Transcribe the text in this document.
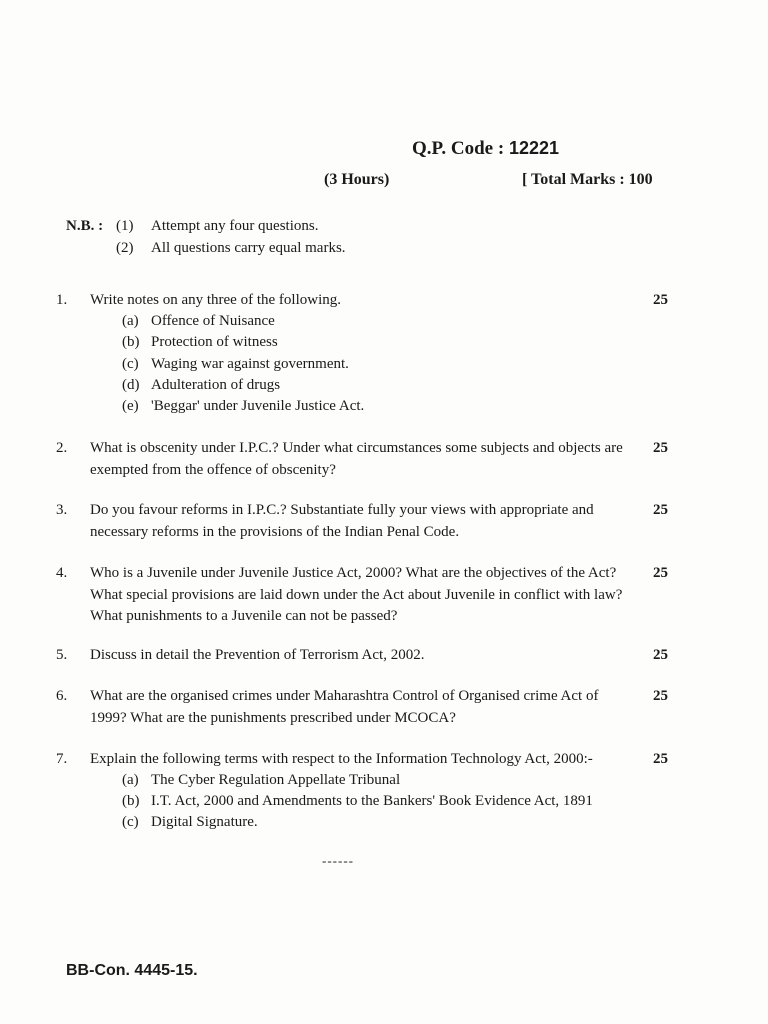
Q.P. Code : 12221
(3 Hours)	[ Total Marks : 100
N.B. : (1) Attempt any four questions.
(2) All questions carry equal marks.
1. Write notes on any three of the following.	25
(a) Offence of Nuisance
(b) Protection of witness
(c) Waging war against government.
(d) Adulteration of drugs
(e) 'Beggar' under Juvenile Justice Act.
2. What is obscenity under I.P.C.? Under what circumstances some subjects and objects are exempted from the offence of obscenity?
25
3. Do you favour reforms in I.P.C.? Substantiate fully your views with appropriate and necessary reforms in the provisions of the Indian Penal Code.
25
4. Who is a Juvenile under Juvenile Justice Act, 2000? What are the objectives of the Act? What special provisions are laid down under the Act about Juvenile in conflict with law? What punishments to a Juvenile can not be passed?
25
5. Discuss in detail the Prevention of Terrorism Act, 2002.	25
6. What are the organised crimes under Maharashtra Control of Organised crime Act of 1999? What are the punishments prescribed under MCOCA?
25
7. Explain the following terms with respect to the Information Technology Act, 2000:-	25
(a) The Cyber Regulation Appellate Tribunal
(b) I.T. Act, 2000 and Amendments to the Bankers' Book Evidence Act, 1891
(c) Digital Signature.
------
BB-Con. 4445-15.
